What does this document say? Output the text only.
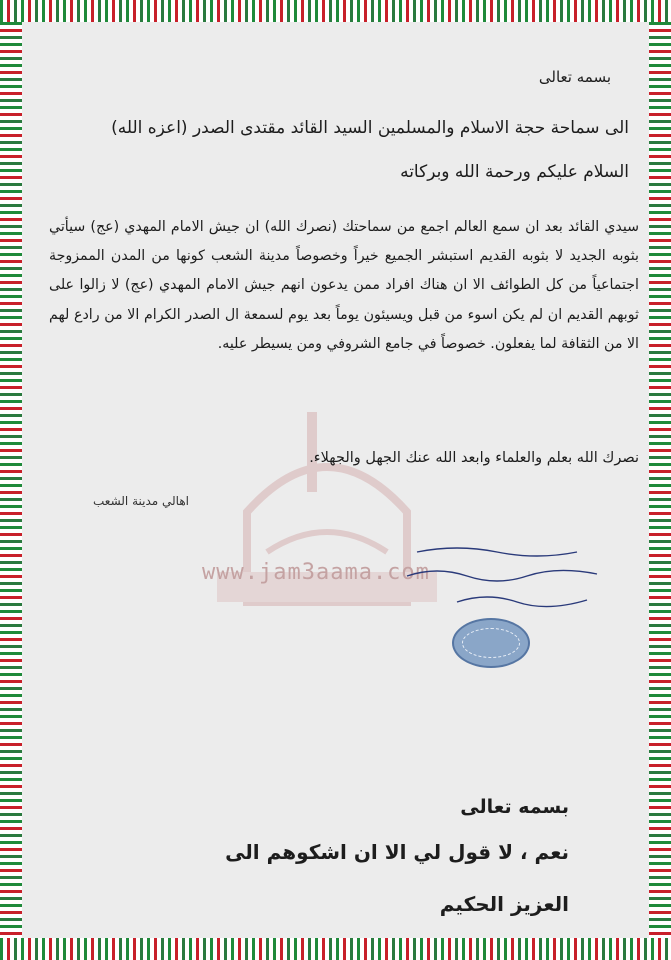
www.jam3aama.com
بسمه تعالى
الى سماحة حجة الاسلام والمسلمين السيد القائد مقتدى الصدر (اعزه الله)
السلام عليكم ورحمة الله وبركاته
سيدي القائد بعد ان سمع العالم اجمع من سماحتك (نصرك الله) ان جيش الامام المهدي (عج) سيأتي بثوبه الجديد لا بثوبه القديم استبشر الجميع خيراً وخصوصاً مدينة الشعب كونها من المدن الممزوجة اجتماعياً من كل الطوائف الا ان هناك افراد ممن يدعون انهم جيش الامام المهدي (عج) لا زالوا على ثوبهم القديم ان لم يكن اسوء من قبل ويسيئون يوماً بعد يوم لسمعة ال الصدر الكرام الا من رادع لهم الا من الثقافة لما يفعلون. خصوصاً في جامع الشروفي ومن يسيطر عليه.
نصرك الله بعلم والعلماء وابعد الله عنك الجهل والجهلاء.
اهالي مدينة الشعب
بسمه تعالى
نعم ، لا قول لي الا ان اشكوهم الى
العزيز الحكيم
